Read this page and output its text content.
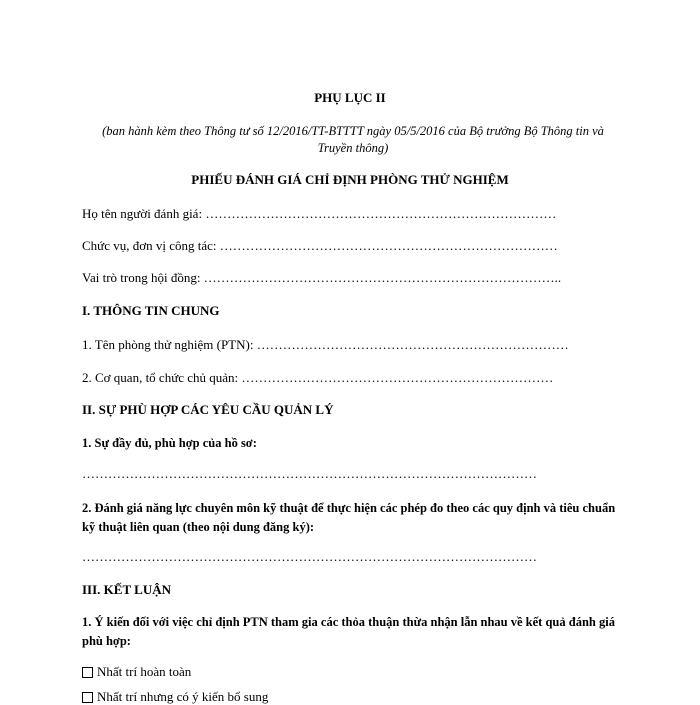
PHỤ LỤC II
(ban hành kèm theo Thông tư số 12/2016/TT-BTTTT ngày 05/5/2016 của Bộ trưởng Bộ Thông tin và Truyền thông)
PHIẾU ĐÁNH GIÁ CHỈ ĐỊNH PHÒNG THỬ NGHIỆM
Họ tên người đánh giá: ………………………………………………………………………
Chức vụ, đơn vị công tác: ……………………………………………………………………
Vai trò trong hội đồng: ………………………………………………………………………..
I. THÔNG TIN CHUNG
1. Tên phòng thử nghiệm (PTN): ………………………………………………………………
2. Cơ quan, tổ chức chủ quản: ………………………………………………………………
II. SỰ PHÙ HỢP CÁC YÊU CẦU QUẢN LÝ
1. Sự đầy đủ, phù hợp của hồ sơ:
……………………………………………………………………………………………
2. Đánh giá năng lực chuyên môn kỹ thuật để thực hiện các phép đo theo các quy định và tiêu chuẩn kỹ thuật liên quan (theo nội dung đăng ký):
……………………………………………………………………………………………
III. KẾT LUẬN
1. Ý kiến đối với việc chỉ định PTN tham gia các thỏa thuận thừa nhận lẫn nhau về kết quả đánh giá phù hợp:
Nhất trí hoàn toàn
Nhất trí nhưng có ý kiến bổ sung
